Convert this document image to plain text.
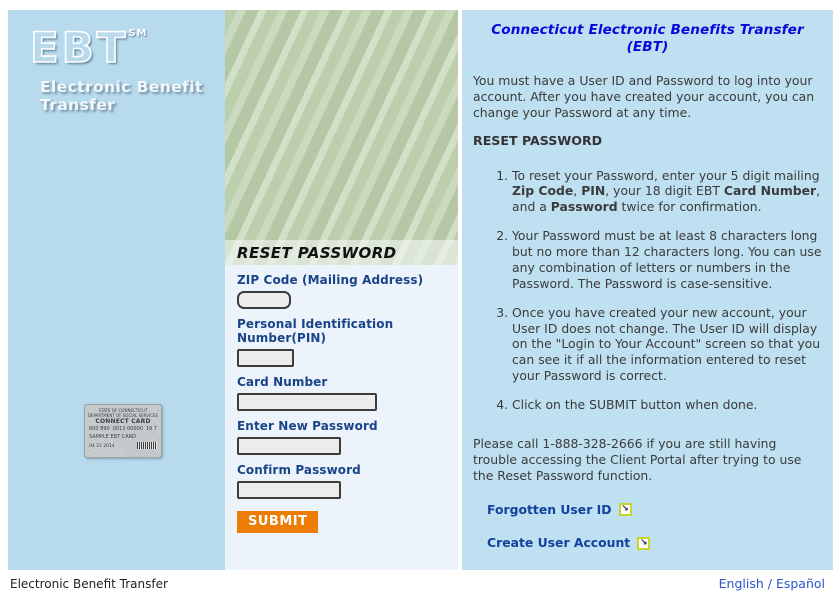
EBT℠
Electronic Benefit Transfer
STATE OF CONNECTICUT
DEPARTMENT OF SOCIAL SERVICES
CONNECT CARD
600 890 0013 00000 19 7
SAMPLE EBT CARD
04 21 2014
RESET PASSWORD
ZIP Code (Mailing Address)
Personal Identification Number(PIN)
Card Number
Enter New Password
Confirm Password
SUBMIT
Connecticut Electronic Benefits Transfer (EBT)

You must have a User ID and Password to log into your account. After you have created your account, you can change your Password at any time.

RESET PASSWORD
1. To reset your Password, enter your 5 digit mailing Zip Code, PIN, your 18 digit EBT Card Number, and a Password twice for confirmation.
2. Your Password must be at least 8 characters long but no more than 12 characters long. You can use any combination of letters or numbers in the Password. The Password is case-sensitive.
3. Once you have created your new account, your User ID does not change. The User ID will display on the "Login to Your Account" screen so that you can see it if all the information entered to reset your Password is correct.
4. Click on the SUBMIT button when done.

Please call 1-888-328-2666 if you are still having trouble accessing the Client Portal after trying to use the Reset Password function.

Forgotten User ID	↘
Create User Account	↘
Electronic Benefit Transfer	English / Español
